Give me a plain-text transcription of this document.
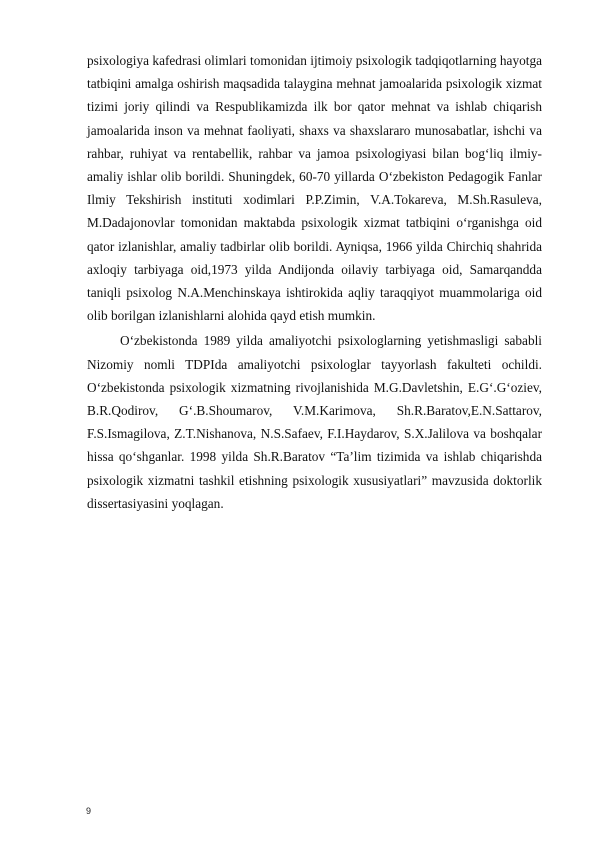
psixologiya kafedrasi olimlari tomonidan ijtimoiy psixologik tadqiqotlarning hayotga tatbiqini amalga oshirish maqsadida talaygina mehnat jamoalarida psixologik xizmat tizimi joriy qilindi va Respublikamizda ilk bor qator mehnat va ishlab chiqarish jamoalarida inson va mehnat faoliyati, shaxs va shaxslararo munosabatlar, ishchi va rahbar, ruhiyat va rentabellik, rahbar va jamoa psixologiyasi bilan bog‘liq ilmiy-amaliy ishlar olib borildi. Shuningdek, 60-70 yillarda O‘zbekiston Pedagogik Fanlar Ilmiy Tekshirish instituti xodimlari P.P.Zimin, V.A.Tokareva, M.Sh.Rasuleva, M.Dadajonovlar tomonidan maktabda psixologik xizmat tatbiqini o‘rganishga oid qator izlanishlar, amaliy tadbirlar olib borildi. Ayniqsa, 1966 yilda Chirchiq shahrida axloqiy tarbiyaga oid,1973 yilda Andijonda oilaviy tarbiyaga oid, Samarqandda taniqli psixolog N.A.Menchinskaya ishtirokida aqliy taraqqiyot muammolariga oid olib borilgan izlanishlarni alohida qayd etish mumkin.

O‘zbekistonda 1989 yilda amaliyotchi psixologlarning yetishmasligi sababli Nizomiy nomli TDPIda amaliyotchi psixologlar tayyorlash fakulteti ochildi. O‘zbekistonda psixologik xizmatning rivojlanishida M.G.Davletshin, E.G‘.G‘oziev, B.R.Qodirov, G‘.B.Shoumarov, V.M.Karimova, Sh.R.Baratov,E.N.Sattarov, F.S.Ismagilova, Z.T.Nishanova, N.S.Safaev, F.I.Haydarov, S.X.Jalilova va boshqalar hissa qo‘shganlar. 1998 yilda Sh.R.Baratov “Ta’lim tizimida va ishlab chiqarishda psixologik xizmatni tashkil etishning psixologik xususiyatlari” mavzusida doktorlik dissertasiyasini yoqlagan.

9
